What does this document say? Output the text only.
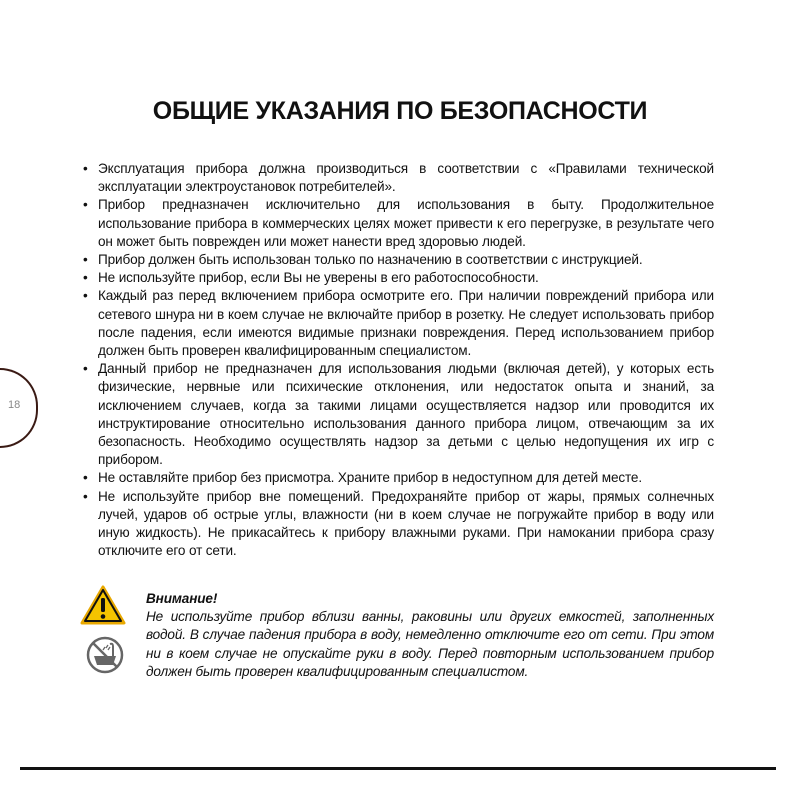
18
ОБЩИЕ УКАЗАНИЯ ПО БЕЗОПАСНОСТИ
• Эксплуатация прибора должна производиться в соответствии с «Правилами технической эксплуатации электроустановок потребителей».
• Прибор предназначен исключительно для использования в быту. Продолжительное использование прибора в коммерческих целях может привести к его перегрузке, в результате чего он может быть поврежден или может нанести вред здоровью людей.
• Прибор должен быть использован только по назначению в соответствии с инструкцией.
• Не используйте прибор, если Вы не уверены в его работоспособности.
• Каждый раз перед включением прибора осмотрите его. При наличии повреждений прибора или сетевого шнура ни в коем случае не включайте прибор в розетку. Не следует использовать прибор после падения, если имеются видимые признаки повреждения. Перед использованием прибор должен быть проверен квалифицированным специалистом.
• Данный прибор не предназначен для использования людьми (включая детей), у которых есть физические, нервные или психические отклонения, или недостаток опыта и знаний, за исключением случаев, когда за такими лицами осуществляется надзор или проводится их инструктирование относительно использования данного прибора лицом, отвечающим за их безопасность. Необходимо осуществлять надзор за детьми с целью недопущения их игр с прибором.
• Не оставляйте прибор без присмотра. Храните прибор в недоступном для детей месте.
• Не используйте прибор вне помещений. Предохраняйте прибор от жары, прямых солнечных лучей, ударов об острые углы, влажности (ни в коем случае не погружайте прибор в воду или иную жидкость). Не прикасайтесь к прибору влажными руками. При намокании прибора сразу отключите его от сети.
Внимание!
Не используйте прибор вблизи ванны, раковины или других емкостей, заполненных водой. В случае падения прибора в воду, немедленно отключите его от сети. При этом ни в коем случае не опускайте руки в воду. Перед повторным использованием прибор должен быть проверен квалифицированным специалистом.
